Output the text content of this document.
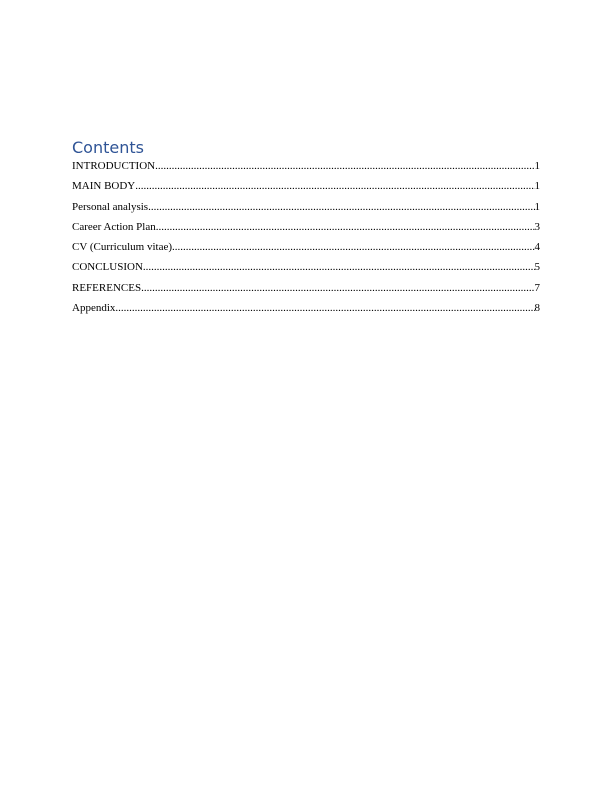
Contents
INTRODUCTION .....	1
MAIN BODY .....	1
Personal analysis .....	1
Career Action Plan .....	3
CV (Curriculum vitae) .....	4
CONCLUSION .....	5
REFERENCES .....	7
Appendix .....	8
